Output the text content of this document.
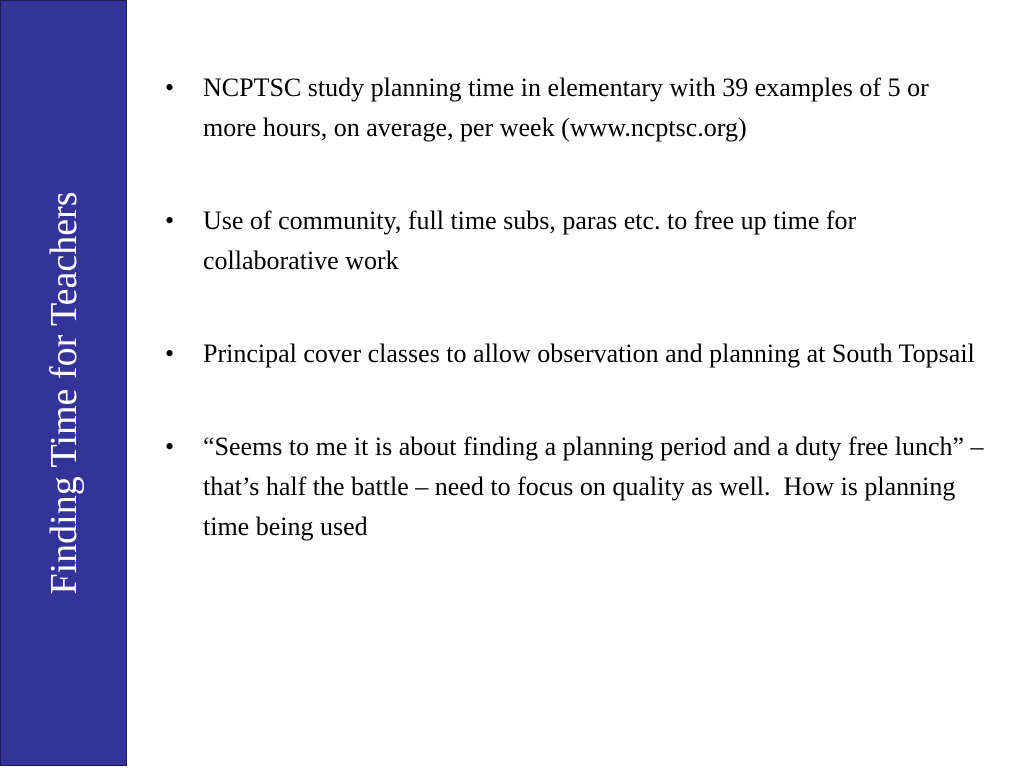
Finding Time for Teachers
•	NCPTSC study planning time in elementary with 39 examples of 5 or more hours, on average, per week (www.ncptsc.org)
•	Use of community, full time subs, paras etc. to free up time for collaborative work
•	Principal cover classes to allow observation and planning at South Topsail
•	“Seems to me it is about finding a planning period and a duty free lunch” – that’s half the battle – need to focus on quality as well.  How is planning time being used
